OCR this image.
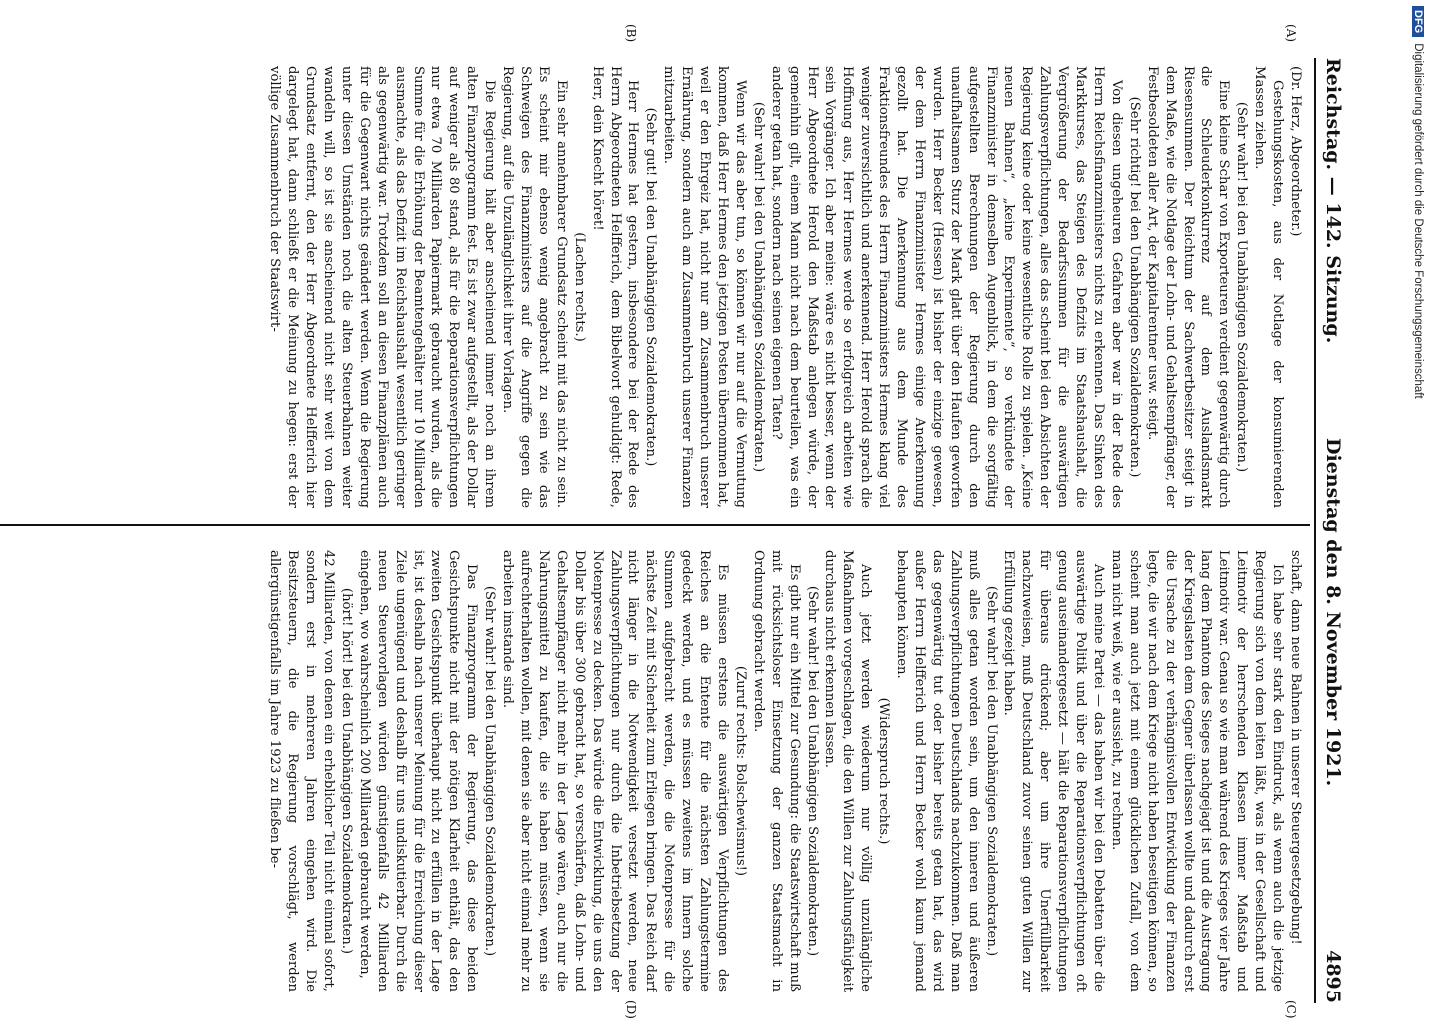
Reichstag. — 142. Sitzung.
Dienstag den 8. November 1921.
4895
(A)
(B)
(C)
(D)

(Dr. Herz, Abgeordneter.)

Gestehungskosten, aus der Notlage der konsumierenden Massen ziehen.

(Sehr wahr! bei den Unabhängigen Sozialdemokraten.)

Eine kleine Schar von Exporteuren verdient gegenwärtig durch die Schleuderkonkurrenz auf dem Auslandsmarkt Riesensummen. Der Reichtum der Sachwertbesitzer steigt in dem Maße, wie die Notlage der Lohn- und Gehaltsempfänger, der Festbesoldeten aller Art, der Kapitalrentner usw. steigt.

(Sehr richtig! bei den Unabhängigen Sozialdemokraten.)

Von diesen ungeheuren Gefahren aber war in der Rede des Herrn Reichsfinanzministers nichts zu erkennen. Das Sinken des Markkurses, das Steigen des Defizits im Staatshaushalt, die Vergrößerung der Bedarfssummen für die auswärtigen Zahlungsverpflichtungen, alles das scheint bei den Absichten der Regierung keine oder keine wesentliche Rolle zu spielen. „Keine neuen Bahnen“, „keine Experimente“, so verkündete der Finanzminister in demselben Augenblick, in dem die sorgfältig aufgestellten Berechnungen der Regierung durch den unaufhaltsamen Sturz der Mark glatt über den Haufen geworfen wurden. Herr Becker (Hessen) ist bisher der einzige gewesen, der dem Herrn Finanzminister Hermes einige Anerkennung gezollt hat. Die Anerkennung aus dem Munde des Fraktionsfreundes des Herrn Finanzministers Hermes klang viel weniger zuversichtlich und anerkennend. Herr Herold sprach die Hoffnung aus, Herr Hermes werde so erfolgreich arbeiten wie sein Vorgänger. Ich aber meine: wäre es nicht besser, wenn der Herr Abgeordnete Herold den Maßstab anlegen würde, der gemeinhin gilt, einem Mann nicht nach dem beurteilen, was ein anderer getan hat, sondern nach seinen eigenen Taten?

(Sehr wahr! bei den Unabhängigen Sozialdemokraten.)

Wenn wir das aber tun, so können wir nur auf die Vermutung kommen, daß Herr Hermes den jetzigen Posten übernommen hat, weil er den Ehrgeiz hat, nicht nur am Zusammenbruch unserer Ernährung, sondern auch am Zusammenbruch unserer Finanzen mitzuarbeiten.

(Sehr gut! bei den Unabhängigen Sozialdemokraten.)

Herr Hermes hat gestern, insbesondere bei der Rede des Herrn Abgeordneten Helfferich, dem Bibelwort gehuldigt: Rede, Herr, dein Knecht höret!

(Lachen rechts.)

Ein sehr annehmbarer Grundsatz scheint mit das nicht zu sein. Es scheint mir ebenso wenig angebracht zu sein wie das Schweigen des Finanzministers auf die Angriffe gegen die Regierung, auf die Unzulänglichkeit ihrer Vorlagen.

Die Regierung hält aber anscheinend immer noch an ihrem alten Finanzprogramm fest. Es ist zwar aufgestellt, als der Dollar auf weniger als 80 stand, als für die Reparationsverpflichtungen nur etwa 70 Milliarden Papiermark gebraucht wurden, als die Summe für die Erhöhung der Beamtengehälter nur 10 Milliarden ausmachte, als das Defizit im Reichshaushalt wesentlich geringer als gegenwärtig war. Trotzdem soll an diesen Finanzplänen auch für die Gegenwart nichts geändert werden. Wenn die Regierung unter diesen Umständen noch die alten Steuerbahnen weiter wandeln will, so ist sie anscheinend nicht sehr weit von dem Grundsatz entfernt, den der Herr Abgeordnete Helfferich hier dargelegt hat, dann schließt er die Meinung zu hegen: erst der völlige Zusammenbruch der Staatswirt-

schaft, dann neue Bahnen in unserer Steuergesetzgebung!

Ich habe sehr stark den Eindruck, als wenn auch die jetzige Regierung sich von dem leiten läßt, was in der Gesellschaft und Leitmotiv der herrschenden Klassen immer Maßstab und Leitmotiv war. Genau so wie man während des Krieges vier Jahre lang dem Phantom des Sieges nachgejagt ist und die Austragung der Kriegslasten dem Gegner überlassen wollte und dadurch erst die Ursache zu der verhängnisvollen Entwicklung der Finanzen legte, die wir nach dem Kriege nicht haben beseitigen können, so scheint man auch jetzt mit einem glücklichen Zufall, von dem man nicht weiß, wie er aussieht, zu rechnen.

Auch meine Partei — das haben wir bei den Debatten über die auswärtige Politik und über die Reparationsverpflichtungen oft genug auseinandergesetzt — hält die Reparationsverpflichtungen für überaus drückend; aber um ihre Unerfüllbarkeit nachzuweisen, muß Deutschland zuvor seinen guten Willen zur Erfüllung gezeigt haben.

(Sehr wahr! bei den Unabhängigen Sozialdemokraten.)

muß alles getan worden sein, um den inneren und äußeren Zahlungsverpflichtungen Deutschlands nachzukommen. Daß man das gegenwärtig tut oder bisher bereits getan hat, das wird außer Herrn Helfferich und Herrn Becker wohl kaum jemand behaupten können.

(Widerspruch rechts.)

Auch jetzt werden wiederum nur völlig unzulängliche Maßnahmen vorgeschlagen, die den Willen zur Zahlungsfähigkeit durchaus nicht erkennen lassen.

(Sehr wahr! bei den Unabhängigen Sozialdemokraten.)

Es gibt nur ein Mittel zur Gesundung: die Staatswirtschaft muß mit rücksichtsloser Einsetzung der ganzen Staatsmacht in Ordnung gebracht werden.

(Zuruf rechts: Bolschewismus!)

Es müssen erstens die auswärtigen Verpflichtungen des Reiches an die Entente für die nächsten Zahlungstermine gedeckt werden, und es müssen zweitens im Innern solche Summen aufgebracht werden, die die Notenpresse für die nächste Zeit mit Sicherheit zum Erliegen bringen. Das Reich darf nicht länger in die Notwendigkeit versetzt werden, neue Zahlungsverpflichtungen nur durch die Inbetriebsetzung der Notenpresse zu decken. Das würde die Entwicklung, die uns den Dollar bis über 300 gebracht hat, so verschärfen, daß Lohn- und Gehaltsempfänger nicht mehr in der Lage wären, auch nur die Nahrungsmittel zu kaufen, die sie haben müssen, wenn sie aufrechterhalten wollen, mit denen sie aber nicht einmal mehr zu arbeiten imstande sind.

(Sehr wahr! bei den Unabhängigen Sozialdemokraten.)

Das Finanzprogramm der Regierung, das diese beiden Gesichtspunkte nicht mit der nötigen Klarheit enthält, das den zweiten Gesichtspunkt überhaupt nicht zu erfüllen in der Lage ist, ist deshalb nach unserer Meinung für die Erreichung dieser Ziele ungenügend und deshalb für uns undiskutierbar. Durch die neuen Steuervorlagen würden günstigenfalls 42 Milliarden eingehen, wo wahrscheinlich 200 Milliarden gebraucht werden,

(hört! hört! bei den Unabhängigen Sozialdemokraten.)

42 Milliarden, von denen ein erheblicher Teil nicht einmal sofort, sondern erst in mehreren Jahren eingehen wird. Die Besitzsteuern, die die Regierung vorschlägt, werden allergünstigenfalls im Jahre 1923 zu fließen be-

DFGDigitalisierung gefördert durch die Deutsche Forschungsgemeinschaft
